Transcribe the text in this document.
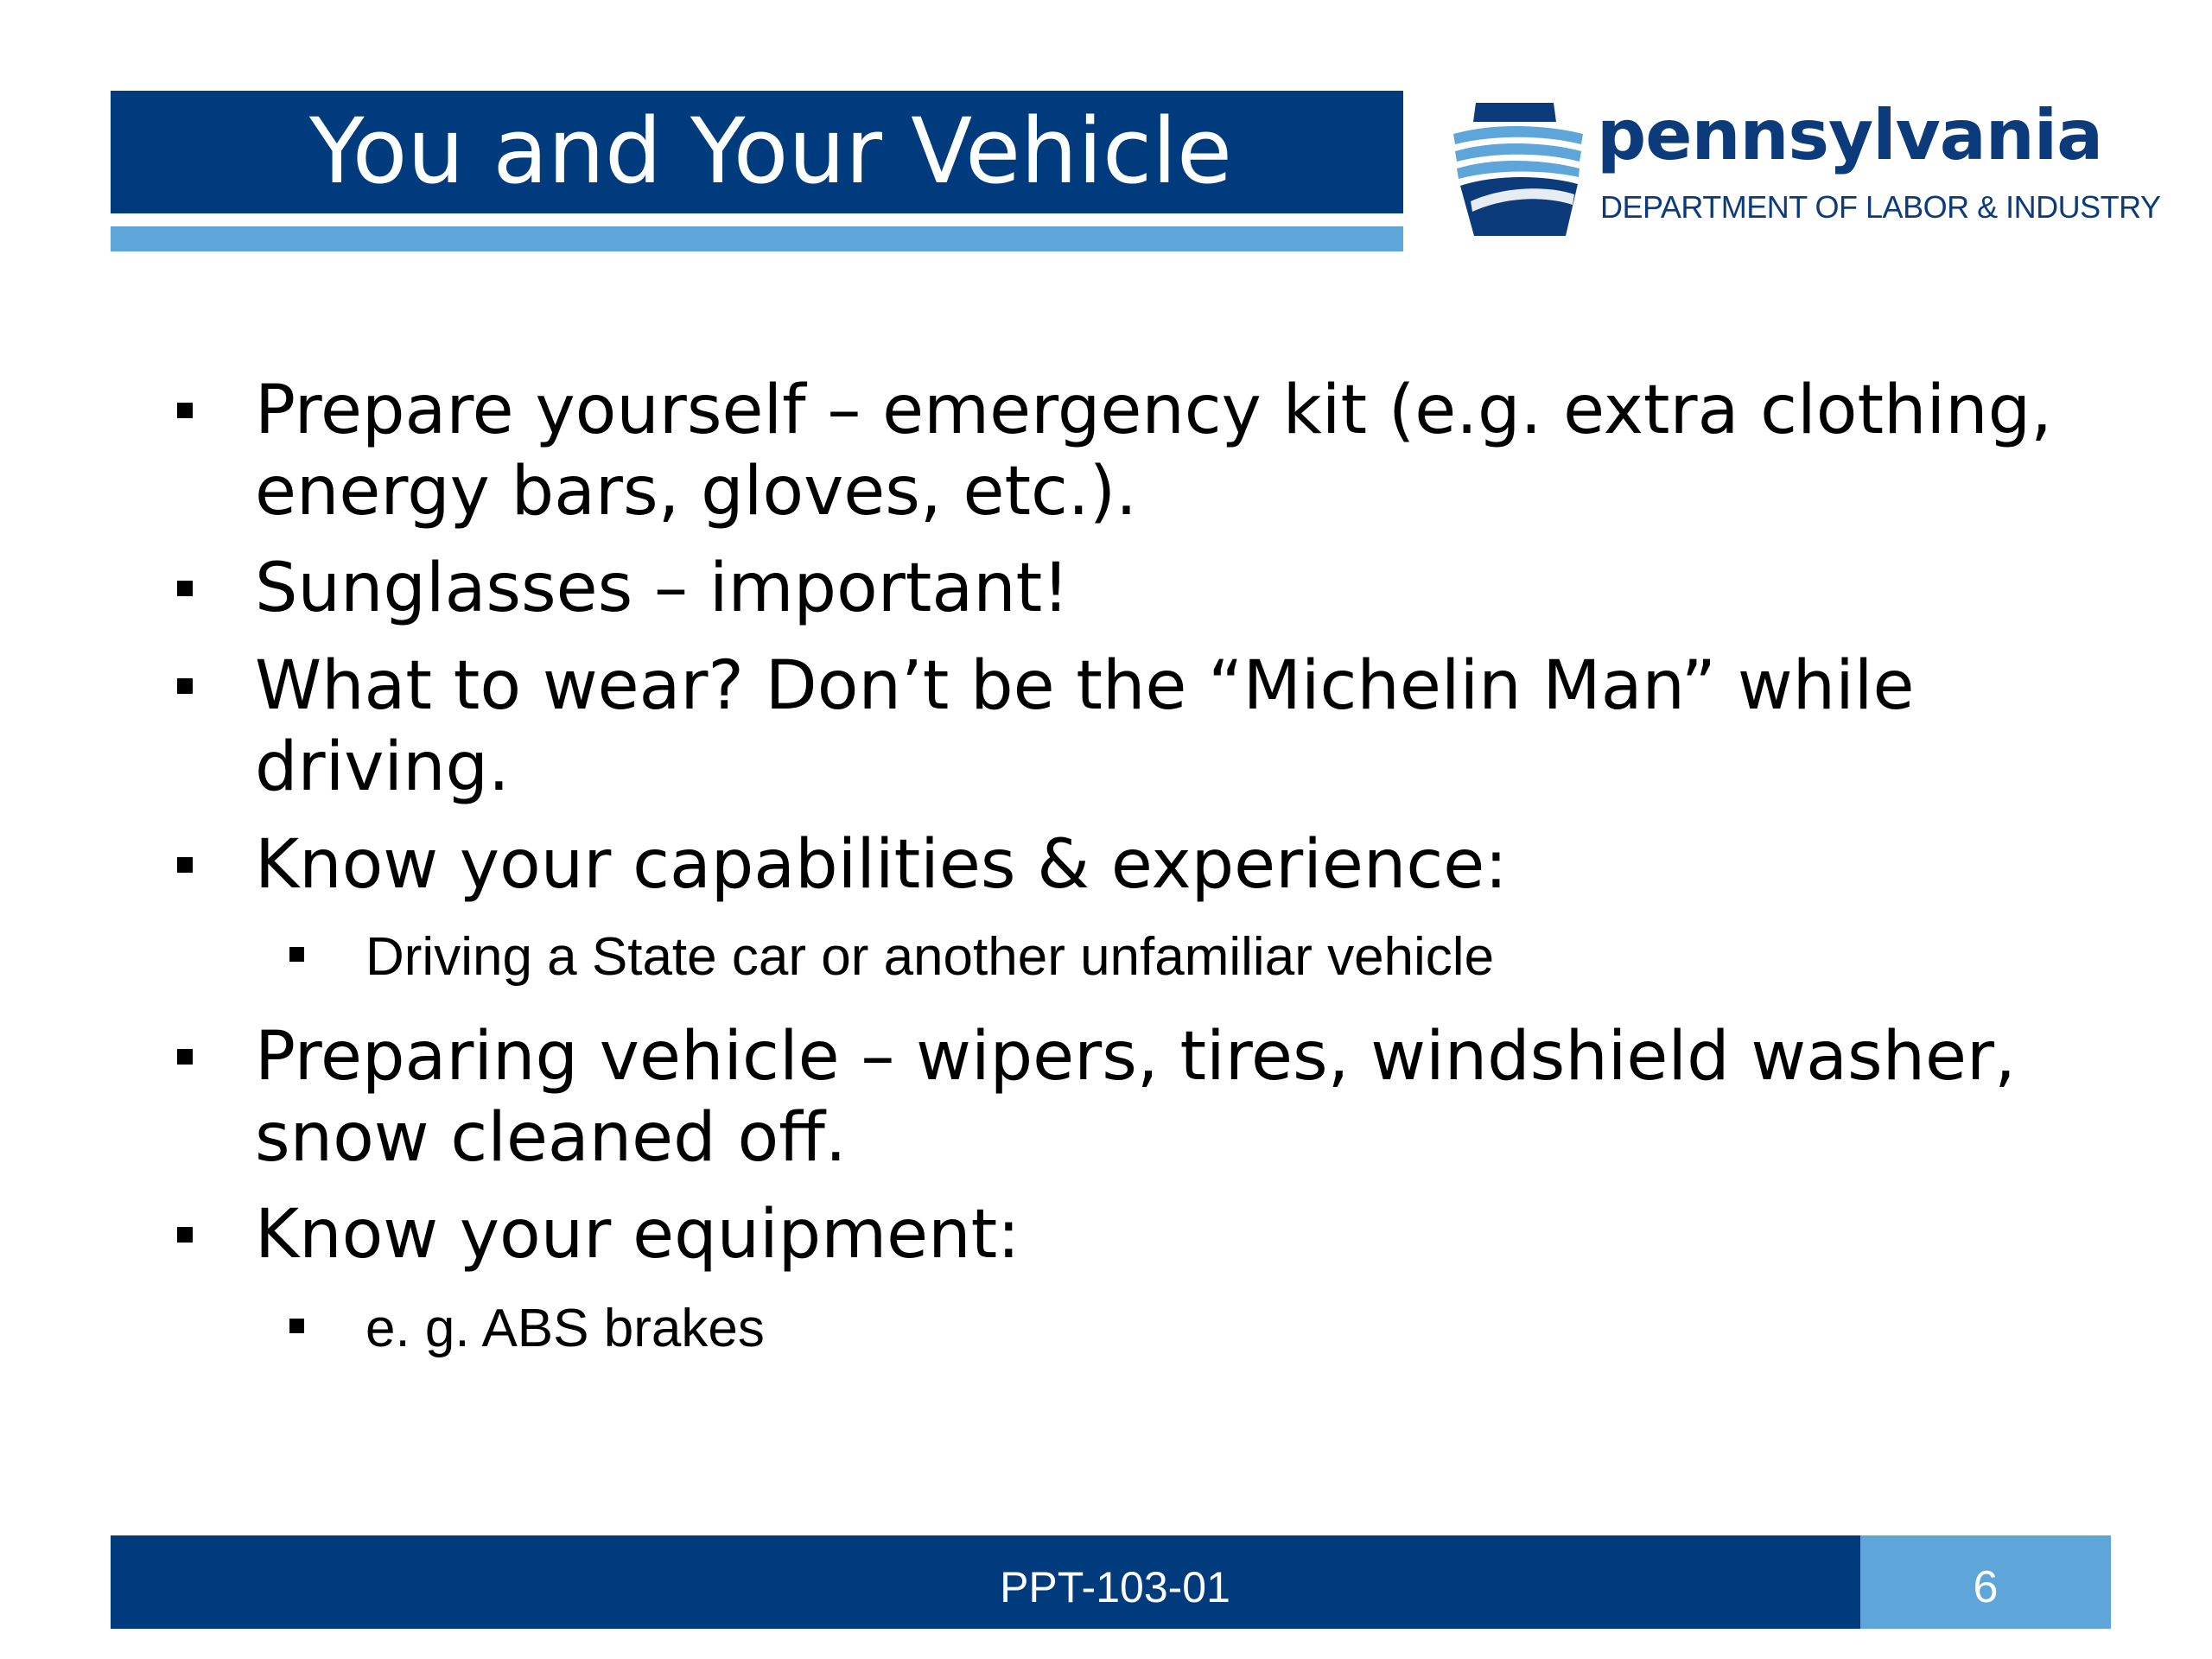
You and Your Vehicle	pennsylvania
DEPARTMENT OF LABOR & INDUSTRY
Prepare yourself – emergency kit (e.g. extra clothing, energy bars, gloves, etc.).
Sunglasses – important!
What to wear? Don’t be the “Michelin Man” while driving.
Know your capabilities & experience:
Driving a State car or another unfamiliar vehicle
Preparing vehicle – wipers, tires, windshield washer, snow cleaned off.
Know your equipment:
e. g. ABS brakes
PPT-103-01	6
